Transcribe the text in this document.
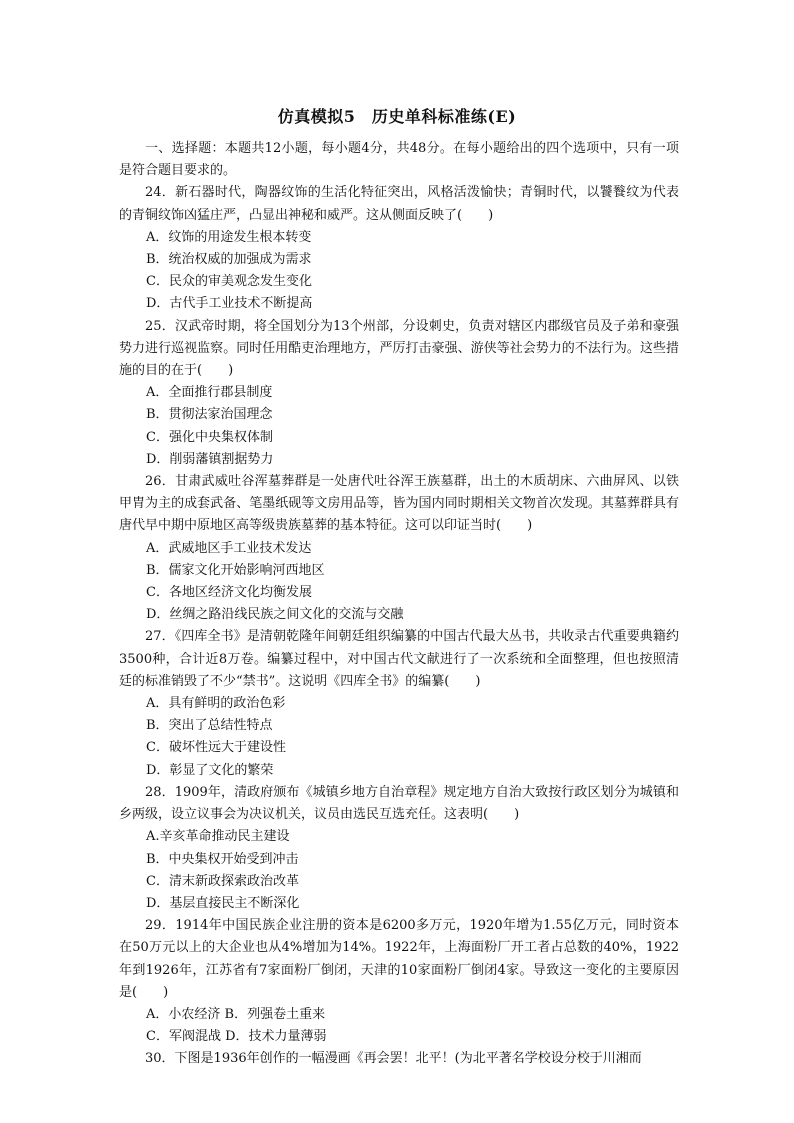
仿真模拟5　历史单科标准练(E)

一、选择题：本题共12小题，每小题4分，共48分。在每小题给出的四个选项中，只有一项是符合题目要求的。

24．新石器时代，陶器纹饰的生活化特征突出，风格活泼愉快；青铜时代，以饕餮纹为代表的青铜纹饰凶猛庄严，凸显出神秘和威严。这从侧面反映了(　　)

A．纹饰的用途发生根本转变

B．统治权威的加强成为需求

C．民众的审美观念发生变化

D．古代手工业技术不断提高

25．汉武帝时期，将全国划分为13个州部，分设刺史，负责对辖区内郡级官员及子弟和豪强势力进行巡视监察。同时任用酷吏治理地方，严厉打击豪强、游侠等社会势力的不法行为。这些措施的目的在于(　　)

A．全面推行郡县制度

B．贯彻法家治国理念

C．强化中央集权体制

D．削弱藩镇割据势力

26．甘肃武威吐谷浑墓葬群是一处唐代吐谷浑王族墓群，出土的木质胡床、六曲屏风、以铁甲胄为主的成套武备、笔墨纸砚等文房用品等，皆为国内同时期相关文物首次发现。其墓葬群具有唐代早中期中原地区高等级贵族墓葬的基本特征。这可以印证当时(　　)

A．武威地区手工业技术发达

B．儒家文化开始影响河西地区

C．各地区经济文化均衡发展

D．丝绸之路沿线民族之间文化的交流与交融

27．《四库全书》是清朝乾隆年间朝廷组织编纂的中国古代最大丛书，共收录古代重要典籍约3500种，合计近8万卷。编纂过程中，对中国古代文献进行了一次系统和全面整理，但也按照清廷的标准销毁了不少“禁书”。这说明《四库全书》的编纂(　　)

A．具有鲜明的政治色彩

B．突出了总结性特点

C．破坏性远大于建设性

D．彰显了文化的繁荣

28．1909年，清政府颁布《城镇乡地方自治章程》规定地方自治大致按行政区划分为城镇和乡两级，设立议事会为决议机关，议员由选民互选充任。这表明(　　)

A.辛亥革命推动民主建设

B．中央集权开始受到冲击

C．清末新政探索政治改革

D．基层直接民主不断深化

29．1914年中国民族企业注册的资本是6200多万元，1920年增为1.55亿万元，同时资本在50万元以上的大企业也从4%增加为14%。1922年，上海面粉厂开工者占总数的40%，1922年到1926年，江苏省有7家面粉厂倒闭，天津的10家面粉厂倒闭4家。导致这一变化的主要原因是(　　)

A．小农经济 B．列强卷土重来

C．军阀混战 D．技术力量薄弱

30．下图是1936年创作的一幅漫画《再会罢！北平！(为北平著名学校设分校于川湘而
